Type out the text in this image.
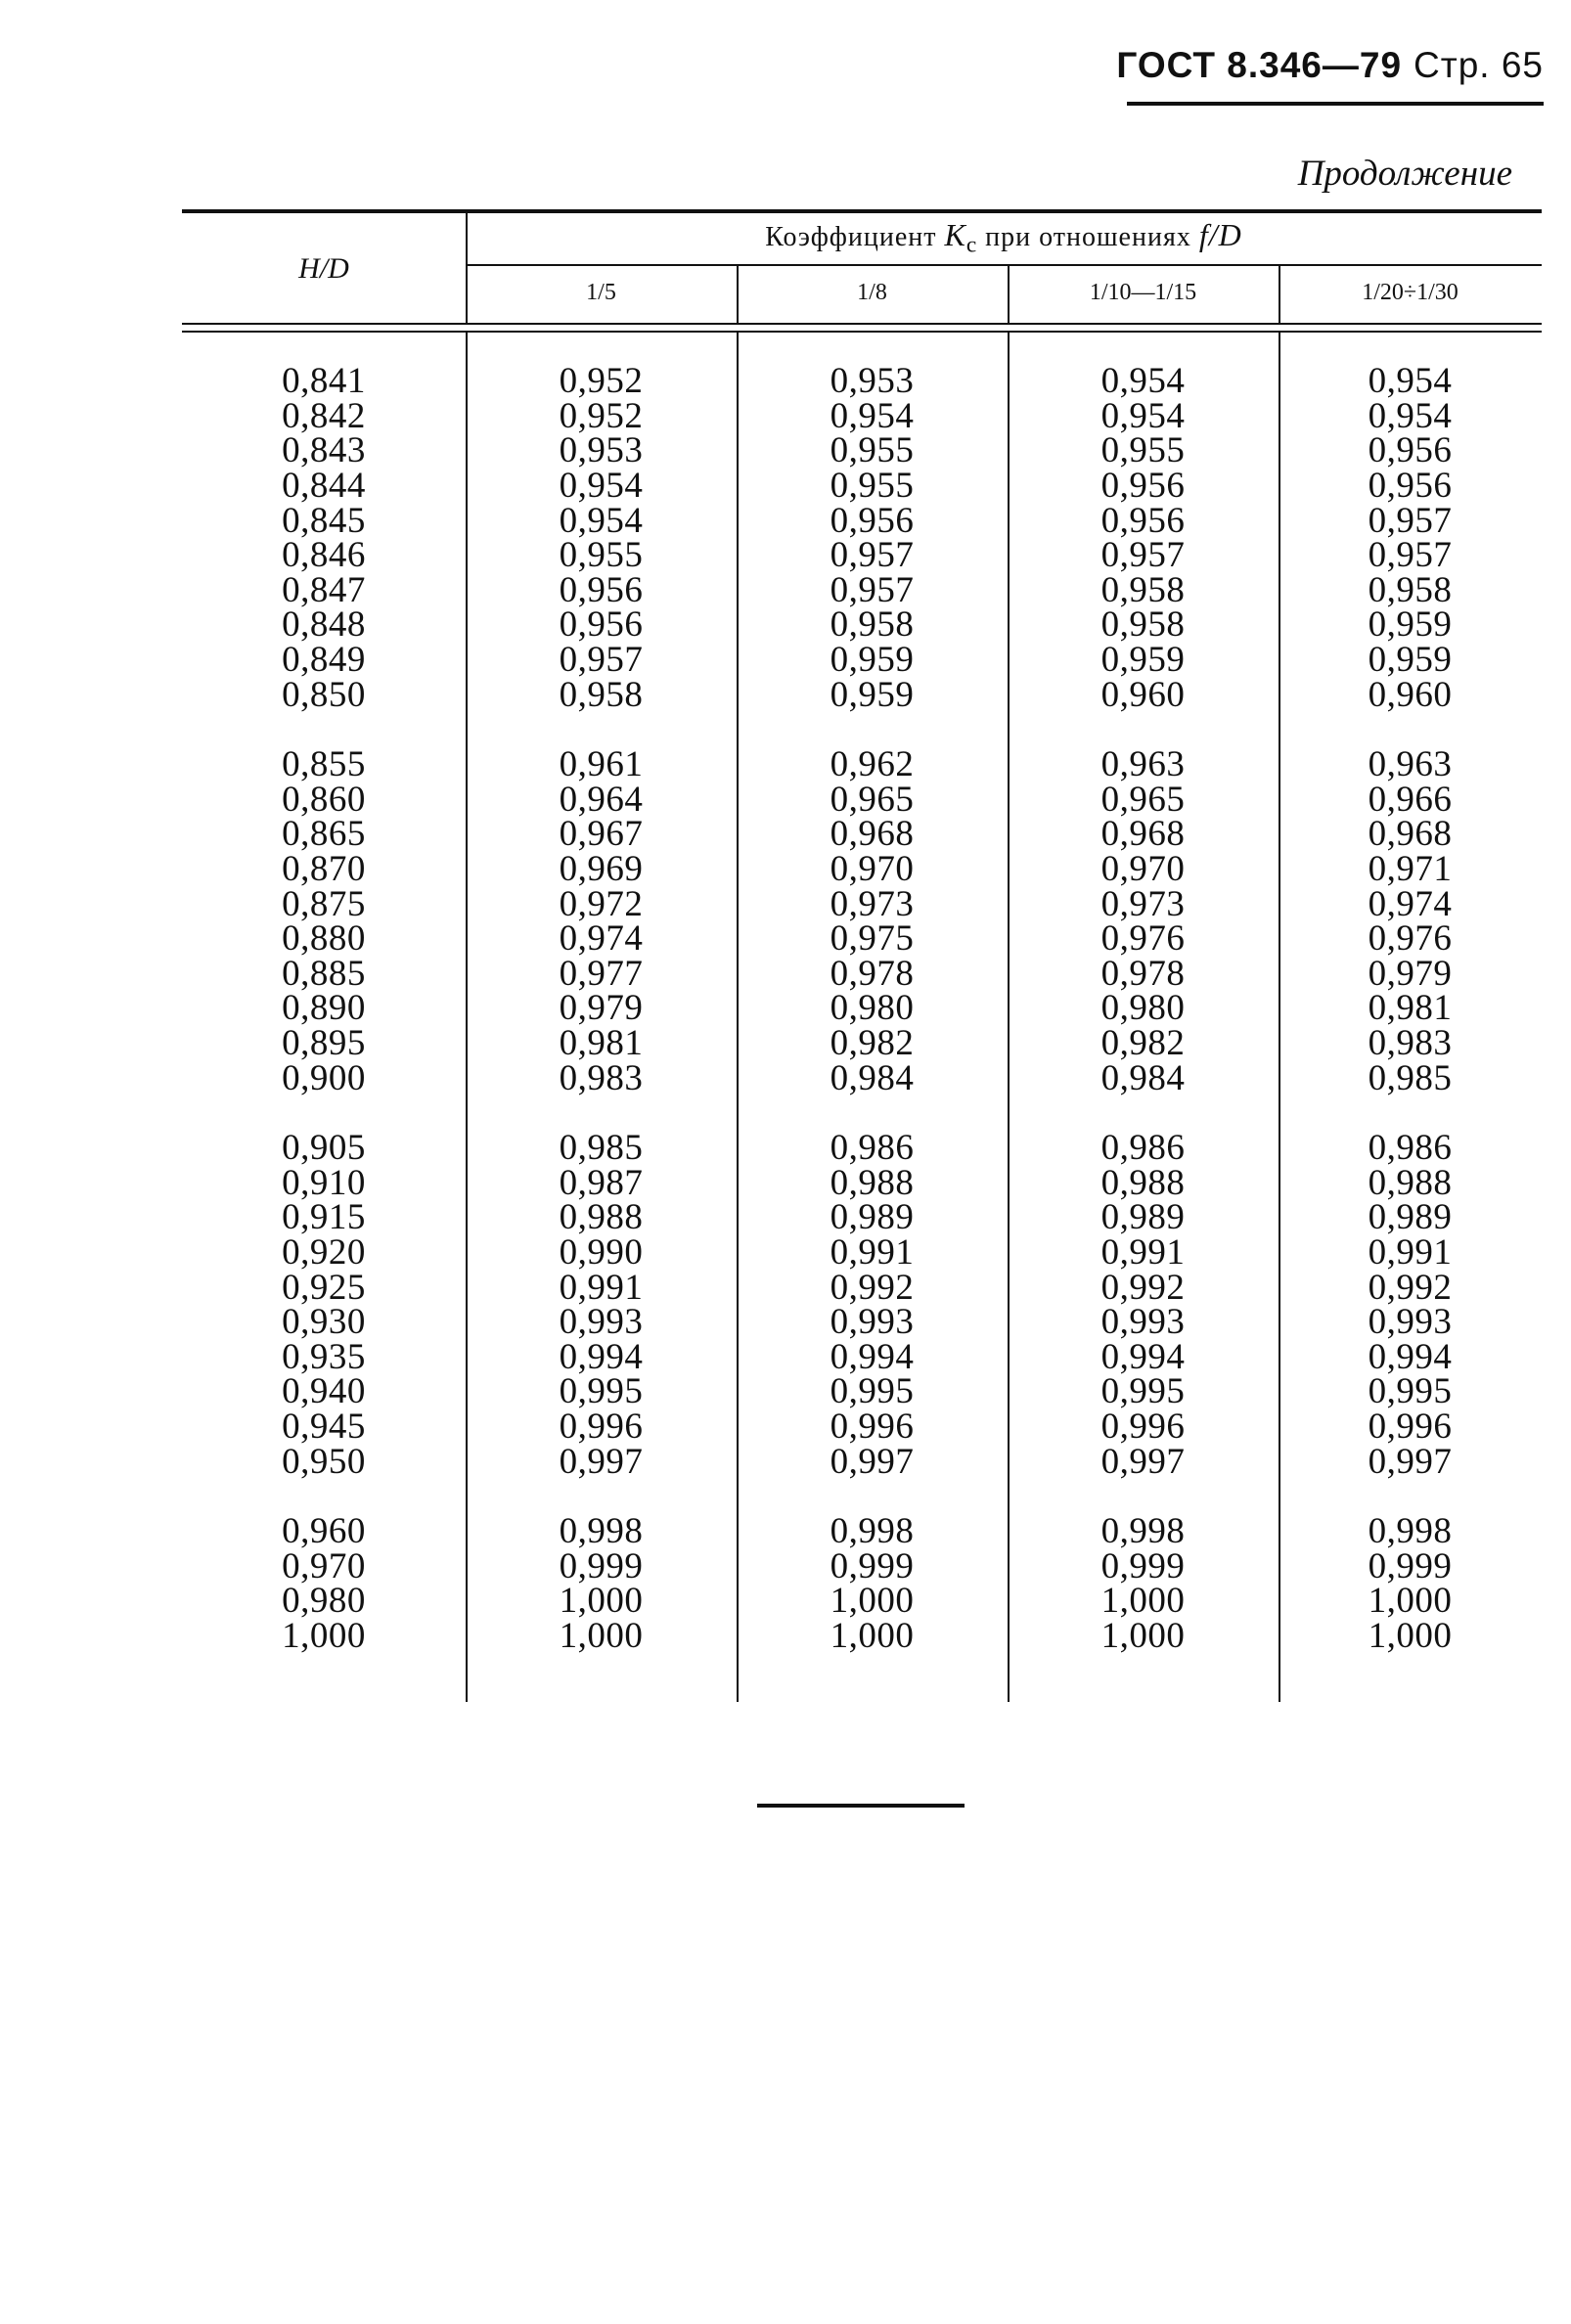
ГОСТ 8.346—79 Стр. 65
Продолжение
H/D
Коэффициент $K_c$ при отношениях f/D
1/5	1/8	1/10—1/15	1/20÷1/30
0,841	0,952	0,953	0,954	0,954
0,842	0,952	0,954	0,954	0,954
0,843	0,953	0,955	0,955	0,956
0,844	0,954	0,955	0,956	0,956
0,845	0,954	0,956	0,956	0,957
0,846	0,955	0,957	0,957	0,957
0,847	0,956	0,957	0,958	0,958
0,848	0,956	0,958	0,958	0,959
0,849	0,957	0,959	0,959	0,959
0,850	0,958	0,959	0,960	0,960
0,855	0,961	0,962	0,963	0,963
0,860	0,964	0,965	0,965	0,966
0,865	0,967	0,968	0,968	0,968
0,870	0,969	0,970	0,970	0,971
0,875	0,972	0,973	0,973	0,974
0,880	0,974	0,975	0,976	0,976
0,885	0,977	0,978	0,978	0,979
0,890	0,979	0,980	0,980	0,981
0,895	0,981	0,982	0,982	0,983
0,900	0,983	0,984	0,984	0,985
0,905	0,985	0,986	0,986	0,986
0,910	0,987	0,988	0,988	0,988
0,915	0,988	0,989	0,989	0,989
0,920	0,990	0,991	0,991	0,991
0,925	0,991	0,992	0,992	0,992
0,930	0,993	0,993	0,993	0,993
0,935	0,994	0,994	0,994	0,994
0,940	0,995	0,995	0,995	0,995
0,945	0,996	0,996	0,996	0,996
0,950	0,997	0,997	0,997	0,997
0,960	0,998	0,998	0,998	0,998
0,970	0,999	0,999	0,999	0,999
0,980	1,000	1,000	1,000	1,000
1,000	1,000	1,000	1,000	1,000
